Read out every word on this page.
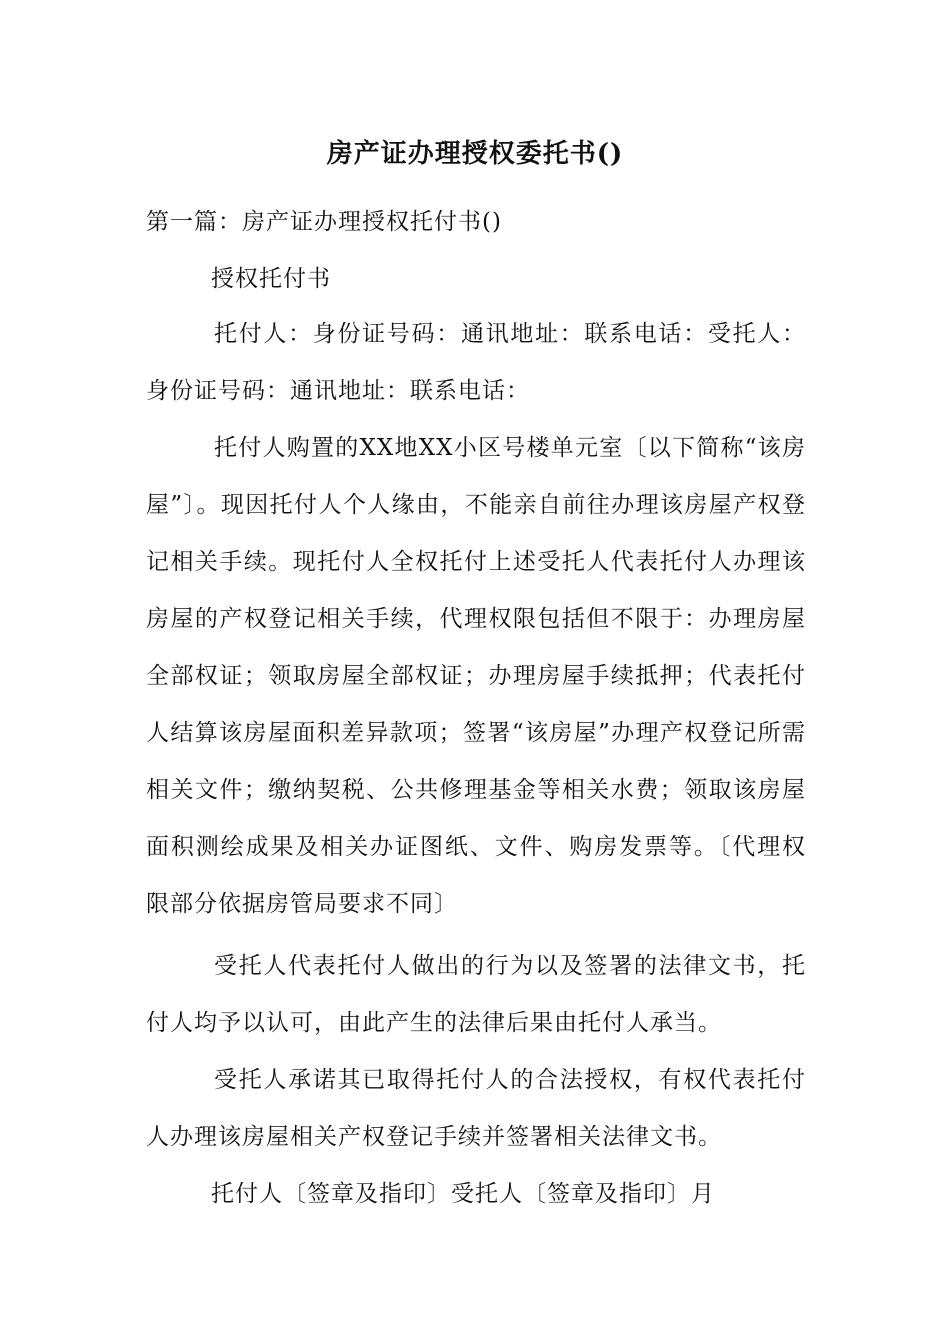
房产证办理授权委托书()
第一篇：房产证办理授权托付书()
授权托付书
托付人：身份证号码：通讯地址：联系电话：受托人：身份证号码：通讯地址：联系电话：
托付人购置的XX地XX小区号楼单元室〔以下简称“该房屋”〕。现因托付人个人缘由，不能亲自前往办理该房屋产权登记相关手续。现托付人全权托付上述受托人代表托付人办理该房屋的产权登记相关手续，代理权限包括但不限于：办理房屋全部权证；领取房屋全部权证；办理房屋手续抵押；代表托付人结算该房屋面积差异款项；签署“该房屋”办理产权登记所需相关文件；缴纳契税、公共修理基金等相关水费；领取该房屋面积测绘成果及相关办证图纸、文件、购房发票等。〔代理权限部分依据房管局要求不同〕
受托人代表托付人做出的行为以及签署的法律文书，托付人均予以认可，由此产生的法律后果由托付人承当。
受托人承诺其已取得托付人的合法授权，有权代表托付人办理该房屋相关产权登记手续并签署相关法律文书。
托付人〔签章及指印〕受托人〔签章及指印〕月
